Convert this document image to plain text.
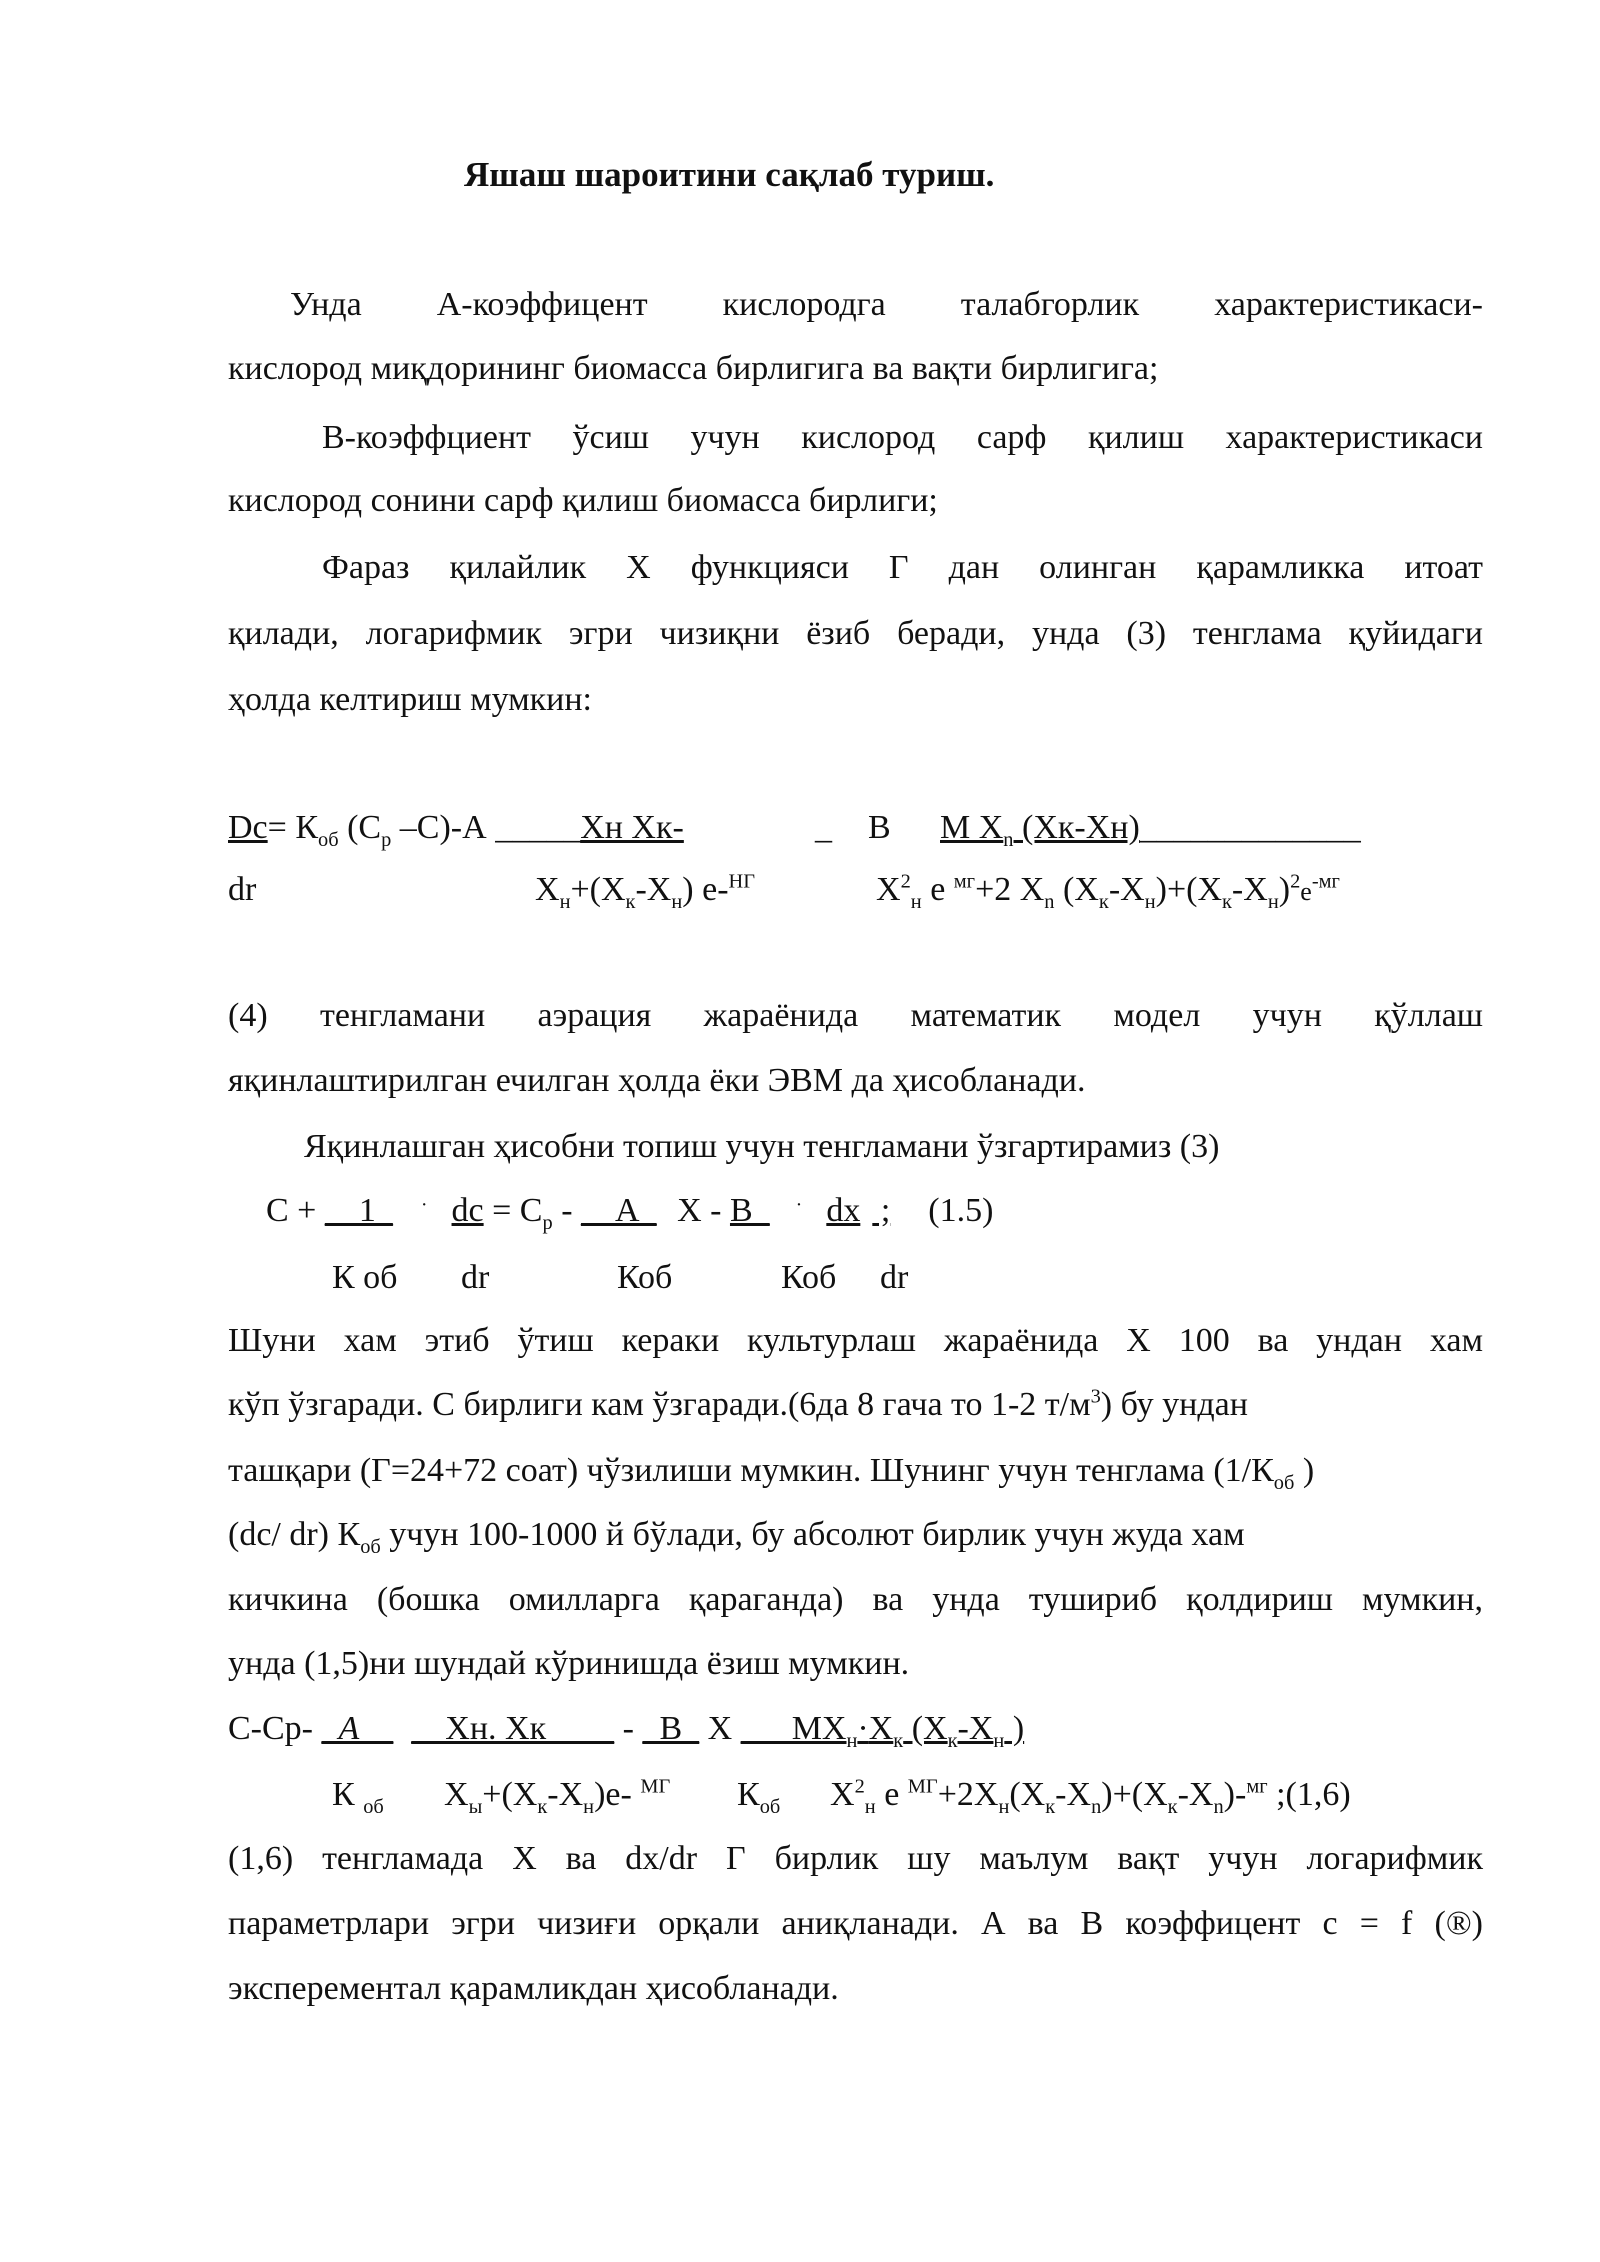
Яшаш шароитини сақлаб туриш.
Унда А-коэффицент кислородга талабгорлик характеристикаси-
кислород миқдорининг биомасса бирлигига ва вақти бирлигига;
В-коэффциент ўсиш учун кислород сарф қилиш характеристикаси
кислород сонини сарф қилиш биомасса бирлиги;
Фараз қилайлик Х функцияси Г дан олинган қарамликка итоат
қилади, логарифмик эгри чизиқни ёзиб беради, унда (3) тенглама қуйидаги
ҳолда келтириш мумкин:
$Dc= К_{об}$ ($С_р$ –С)-А _____Хн Хк-	_ В М $Х_n$ (Хк-Хн)_____________
dr	$Х_н+(Х_к-Х_н)$ е-$^{НГ}$	$Х^2_н$ е $^{мг}$+2 $Х_n$ $(Х_к-Х_н)+(Х_к-Х_н)^2е^{-мг}$
(4) тенгламани аэрация жараёнида математик модел учун қўллаш
яқинлаштирилган ечилган ҳолда ёки ЭВМ да ҳисобланади.
Яқинлашган ҳисобни топиш учун тенгламани ўзгартирамиз (3)
С + __1_ · dc = $С_р$ - __А_ Х - В_ · dx ; (1.5)
К об dr	Коб	Коб dr
Шуни хам этиб ўтиш кераки культурлаш жараёнида Х 100 ва ундан хам
кўп ўзгаради. С бирлиги кам ўзгаради.(6да 8 гача то 1-2 $т/м^3$) бу ундан
ташқари (Г=24+72 соат) чўзилиши мумкин. Шунинг учун тенглама ($1/К_{об}$ )
(dc/ dr) $К_{об}$ учун 100-1000 й бўлади, бу абсолют бирлик учун жуда хам
кичкина (бошка омилларга қараганда) ва унда тушириб қолдириш мумкин,
унда (1,5)ни шундай кўринишда ёзиш мумкин.
С-Ср- _А__ __Хн. Хк____ - _В_ Х $\_\_\_МХ_н\cdot Х_к$ ($Х_к-Х_н$ )
К $_{об}$ $Х_ы+(Х_к-Х_н)е-$ $^{МГ}$ $К_{об}$ $Х^2_н$ е $^{МГ}+2Х_н(Х_к-Х_n)+(Х_к-Х_n)-^{мг}$ ;(1,6)
(1,6) тенгламада Х ва dx/dr Г бирлик шу маълум вақт учун логарифмик
параметрлари эгри чизиғи орқали аниқланади. А ва В коэффицент с = f (®)
эксперементал қарамликдан ҳисобланади.
